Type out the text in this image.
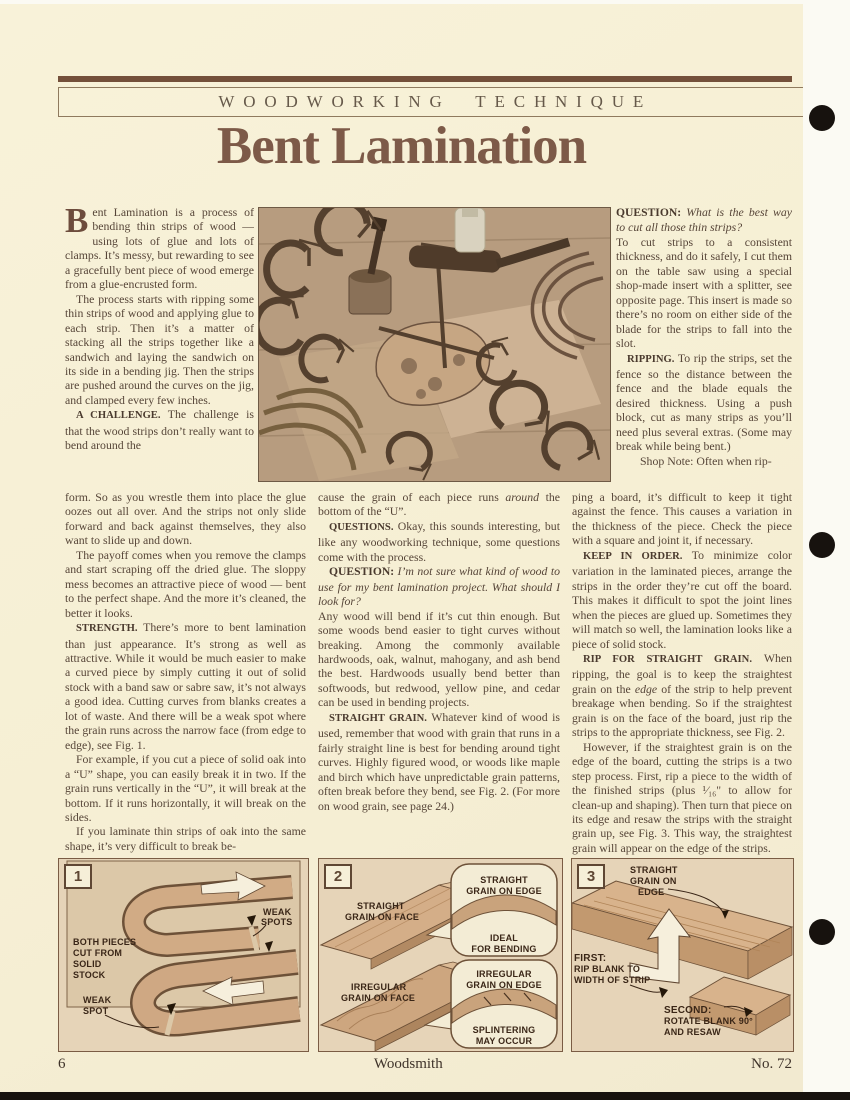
WOODWORKING TECHNIQUE
Bent Lamination

Bent Lamination is a process of bending thin strips of wood — using lots of glue and lots of clamps. It’s messy, but rewarding to see a gracefully bent piece of wood emerge from a glue-encrusted form.

The process starts with ripping some thin strips of wood and applying glue to each strip. Then it’s a matter of stacking all the strips together like a sandwich and laying the sandwich on its side in a bending jig. Then the strips are pushed around the curves on the jig, and clamped every few inches.

A CHALLENGE. The challenge is that the wood strips don’t really want to bend around the

QUESTION: What is the best way to cut all those thin strips?

To cut strips to a consistent thickness, and do it safely, I cut them on the table saw using a special shop-made insert with a splitter, see opposite page. This insert is made so there’s no room on either side of the blade for the strips to fall into the slot.

RIPPING. To rip the strips, set the fence so the distance between the fence and the blade equals the desired thickness. Using a push block, cut as many strips as you’ll need plus several extras. (Some may break while being bent.)

Shop Note: Often when rip-

form. So as you wrestle them into place the glue oozes out all over. And the strips not only slide forward and back against themselves, they also want to slide up and down.

The payoff comes when you remove the clamps and start scraping off the dried glue. The sloppy mess becomes an attractive piece of wood — bent to the perfect shape. And the more it’s cleaned, the better it looks.

STRENGTH. There’s more to bent lamination than just appearance. It’s strong as well as attractive. While it would be much easier to make a curved piece by simply cutting it out of solid stock with a band saw or sabre saw, it’s not always a good idea. Cutting curves from blanks creates a lot of waste. And there will be a weak spot where the grain runs across the narrow face (from edge to edge), see Fig. 1.

For example, if you cut a piece of solid oak into a “U” shape, you can easily break it in two. If the grain runs vertically in the “U”, it will break at the bottom. If it runs horizontally, it will break on the sides.

If you laminate thin strips of oak into the same shape, it’s very difficult to break be-

cause the grain of each piece runs around the bottom of the “U”.

QUESTIONS. Okay, this sounds interesting, but like any woodworking technique, some questions come with the process.

QUESTION: I’m not sure what kind of wood to use for my bent lamination project. What should I look for?

Any wood will bend if it’s cut thin enough. But some woods bend easier to tight curves without breaking. Among the commonly available hardwoods, oak, walnut, mahogany, and ash bend the best. Hardwoods usually bend better than softwoods, but redwood, yellow pine, and cedar can be used in bending projects.

STRAIGHT GRAIN. Whatever kind of wood is used, remember that wood with grain that runs in a fairly straight line is best for bending around tight curves. Highly figured wood, or woods like maple and birch which have unpredictable grain patterns, often break before they bend, see Fig. 2. (For more on wood grain, see page 24.)

ping a board, it’s difficult to keep it tight against the fence. This causes a variation in the thickness of the piece. Check the piece with a square and joint it, if necessary.

KEEP IN ORDER. To minimize color variation in the laminated pieces, arrange the strips in the order they’re cut off the board. This makes it difficult to spot the joint lines when the pieces are glued up. Sometimes they will match so well, the lamination looks like a piece of solid stock.

RIP FOR STRAIGHT GRAIN. When ripping, the goal is to keep the straightest grain on the edge of the strip to help prevent breakage when bending. So if the straightest grain is on the face of the board, just rip the strips to the appropriate thickness, see Fig. 2.

However, if the straightest grain is on the edge of the board, cutting the strips is a two step process. First, rip a piece to the width of the finished strips (plus ¹⁄₁₆" to allow for clean-up and shaping). Then turn that piece on its edge and resaw the strips with the straight grain up, see Fig. 3. This way, the straightest grain will appear on the edge of the strips.

1
WEAK
SPOTS
BOTH PIECES
CUT FROM
SOLID
STOCK
WEAK
SPOT
2	STRAIGHT
GRAIN ON EDGE
IDEAL
FOR BENDING
IRREGULAR
GRAIN ON EDGE
SPLINTERING
MAY OCCUR
STRAIGHT
GRAIN ON FACE
IRREGULAR
GRAIN ON FACE
3	STRAIGHT
GRAIN ON
EDGE
FIRST:
RIP BLANK TO
WIDTH OF STRIP
SECOND:
ROTATE BLANK 90°
AND RESAW
6	Woodsmith	No. 72
